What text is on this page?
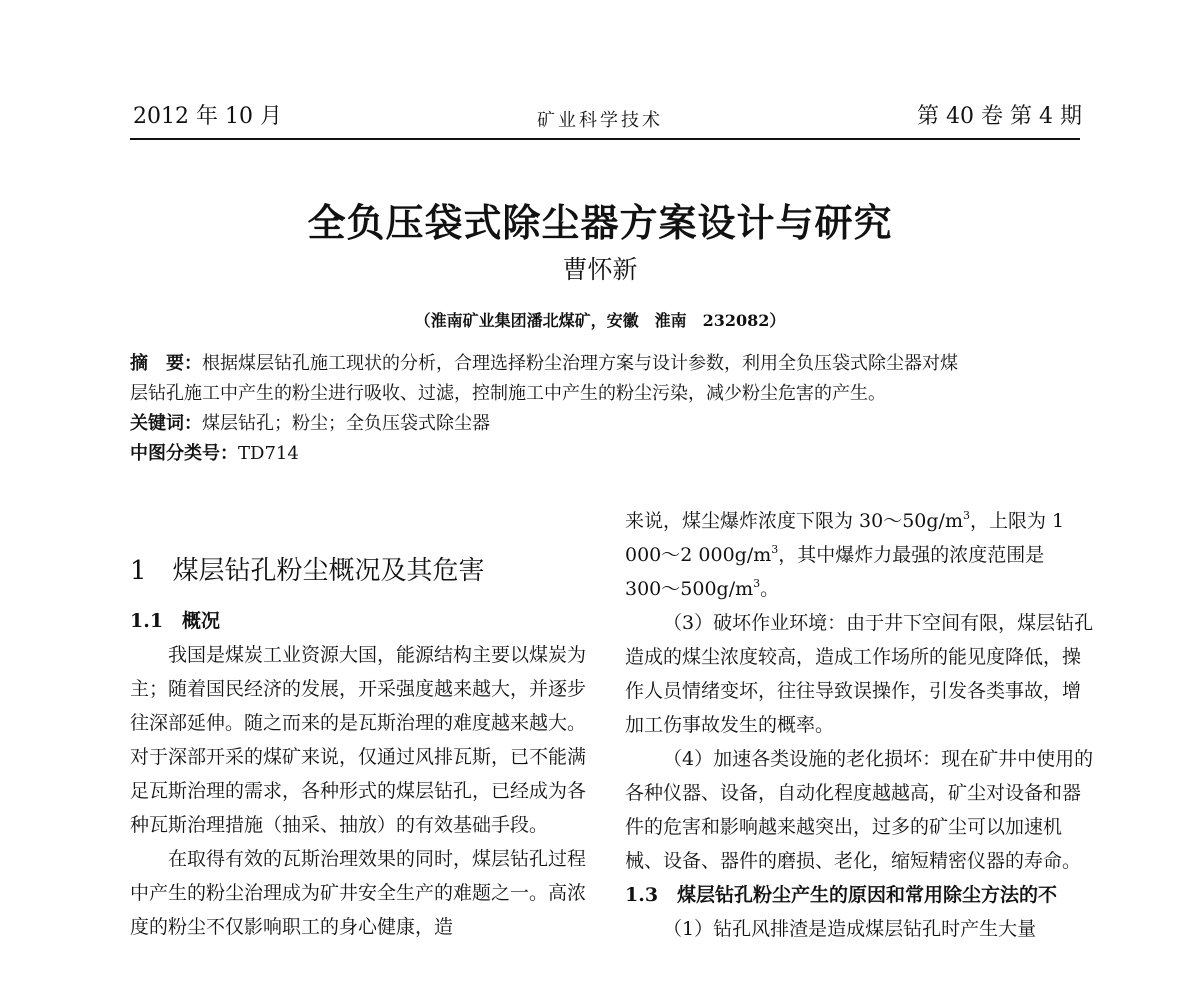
2012 年 10 月	矿业科学技术	第 40 卷 第 4 期
全负压袋式除尘器方案设计与研究
曹怀新
（淮南矿业集团潘北煤矿，安徽　淮南　232082）
摘　要：根据煤层钻孔施工现状的分析，合理选择粉尘治理方案与设计参数，利用全负压袋式除尘器对煤
层钻孔施工中产生的粉尘进行吸收、过滤，控制施工中产生的粉尘污染，减少粉尘危害的产生。
关键词：煤层钻孔；粉尘；全负压袋式除尘器
中图分类号：TD714
1　煤层钻孔粉尘概况及其危害

1.1　概况

我国是煤炭工业资源大国，能源结构主要以煤炭为主；随着国民经济的发展，开采强度越来越大，并逐步往深部延伸。随之而来的是瓦斯治理的难度越来越大。对于深部开采的煤矿来说，仅通过风排瓦斯，已不能满足瓦斯治理的需求，各种形式的煤层钻孔，已经成为各种瓦斯治理措施（抽采、抽放）的有效基础手段。

在取得有效的瓦斯治理效果的同时，煤层钻孔过程中产生的粉尘治理成为矿井安全生产的难题之一。高浓度的粉尘不仅影响职工的身心健康，造

来说，煤尘爆炸浓度下限为 $30\sim 50g/m^3$，上限为 1

000～2 $000g/m^3$，其中爆炸力最强的浓度范围是

$300\sim 500g/m^3$。

（3）破坏作业环境：由于井下空间有限，煤层钻孔造成的煤尘浓度较高，造成工作场所的能见度降低，操作人员情绪变坏，往往导致误操作，引发各类事故，增加工伤事故发生的概率。

（4）加速各类设施的老化损坏：现在矿井中使用的各种仪器、设备，自动化程度越越高，矿尘对设备和器件的危害和影响越来越突出，过多的矿尘可以加速机械、设备、器件的磨损、老化，缩短精密仪器的寿命。

1.3　煤层钻孔粉尘产生的原因和常用除尘方法的不

（1）钻孔风排渣是造成煤层钻孔时产生大量
